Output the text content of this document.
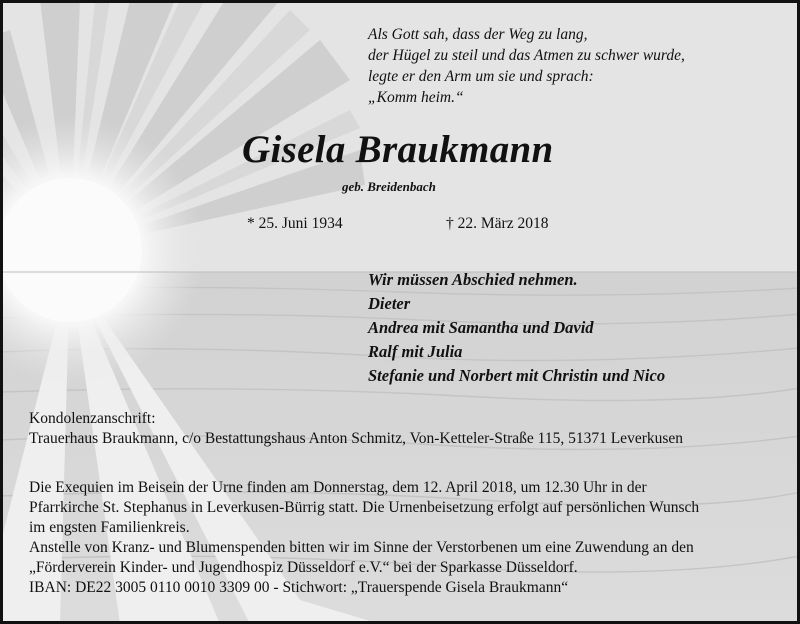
Als Gott sah, dass der Weg zu lang,
der Hügel zu steil und das Atmen zu schwer wurde,
legte er den Arm um sie und sprach:
„Komm heim.“
Gisela Braukmann
geb. Breidenbach
* 25. Juni 1934	† 22. März 2018
Wir müssen Abschied nehmen.
Dieter
Andrea mit Samantha und David
Ralf mit Julia
Stefanie und Norbert mit Christin und Nico
Kondolenzanschrift:
Trauerhaus Braukmann, c/o Bestattungshaus Anton Schmitz, Von-Ketteler-Straße 115, 51371 Leverkusen
Die Exequien im Beisein der Urne finden am Donnerstag, dem 12. April 2018, um 12.30 Uhr in der
Pfarrkirche St. Stephanus in Leverkusen-Bürrig statt. Die Urnenbeisetzung erfolgt auf persönlichen Wunsch
im engsten Familienkreis.
Anstelle von Kranz- und Blumenspenden bitten wir im Sinne der Verstorbenen um eine Zuwendung an den
„Förderverein Kinder- und Jugendhospiz Düsseldorf e.V.“ bei der Sparkasse Düsseldorf.
IBAN: DE22 3005 0110 0010 3309 00 - Stichwort: „Trauerspende Gisela Braukmann“
